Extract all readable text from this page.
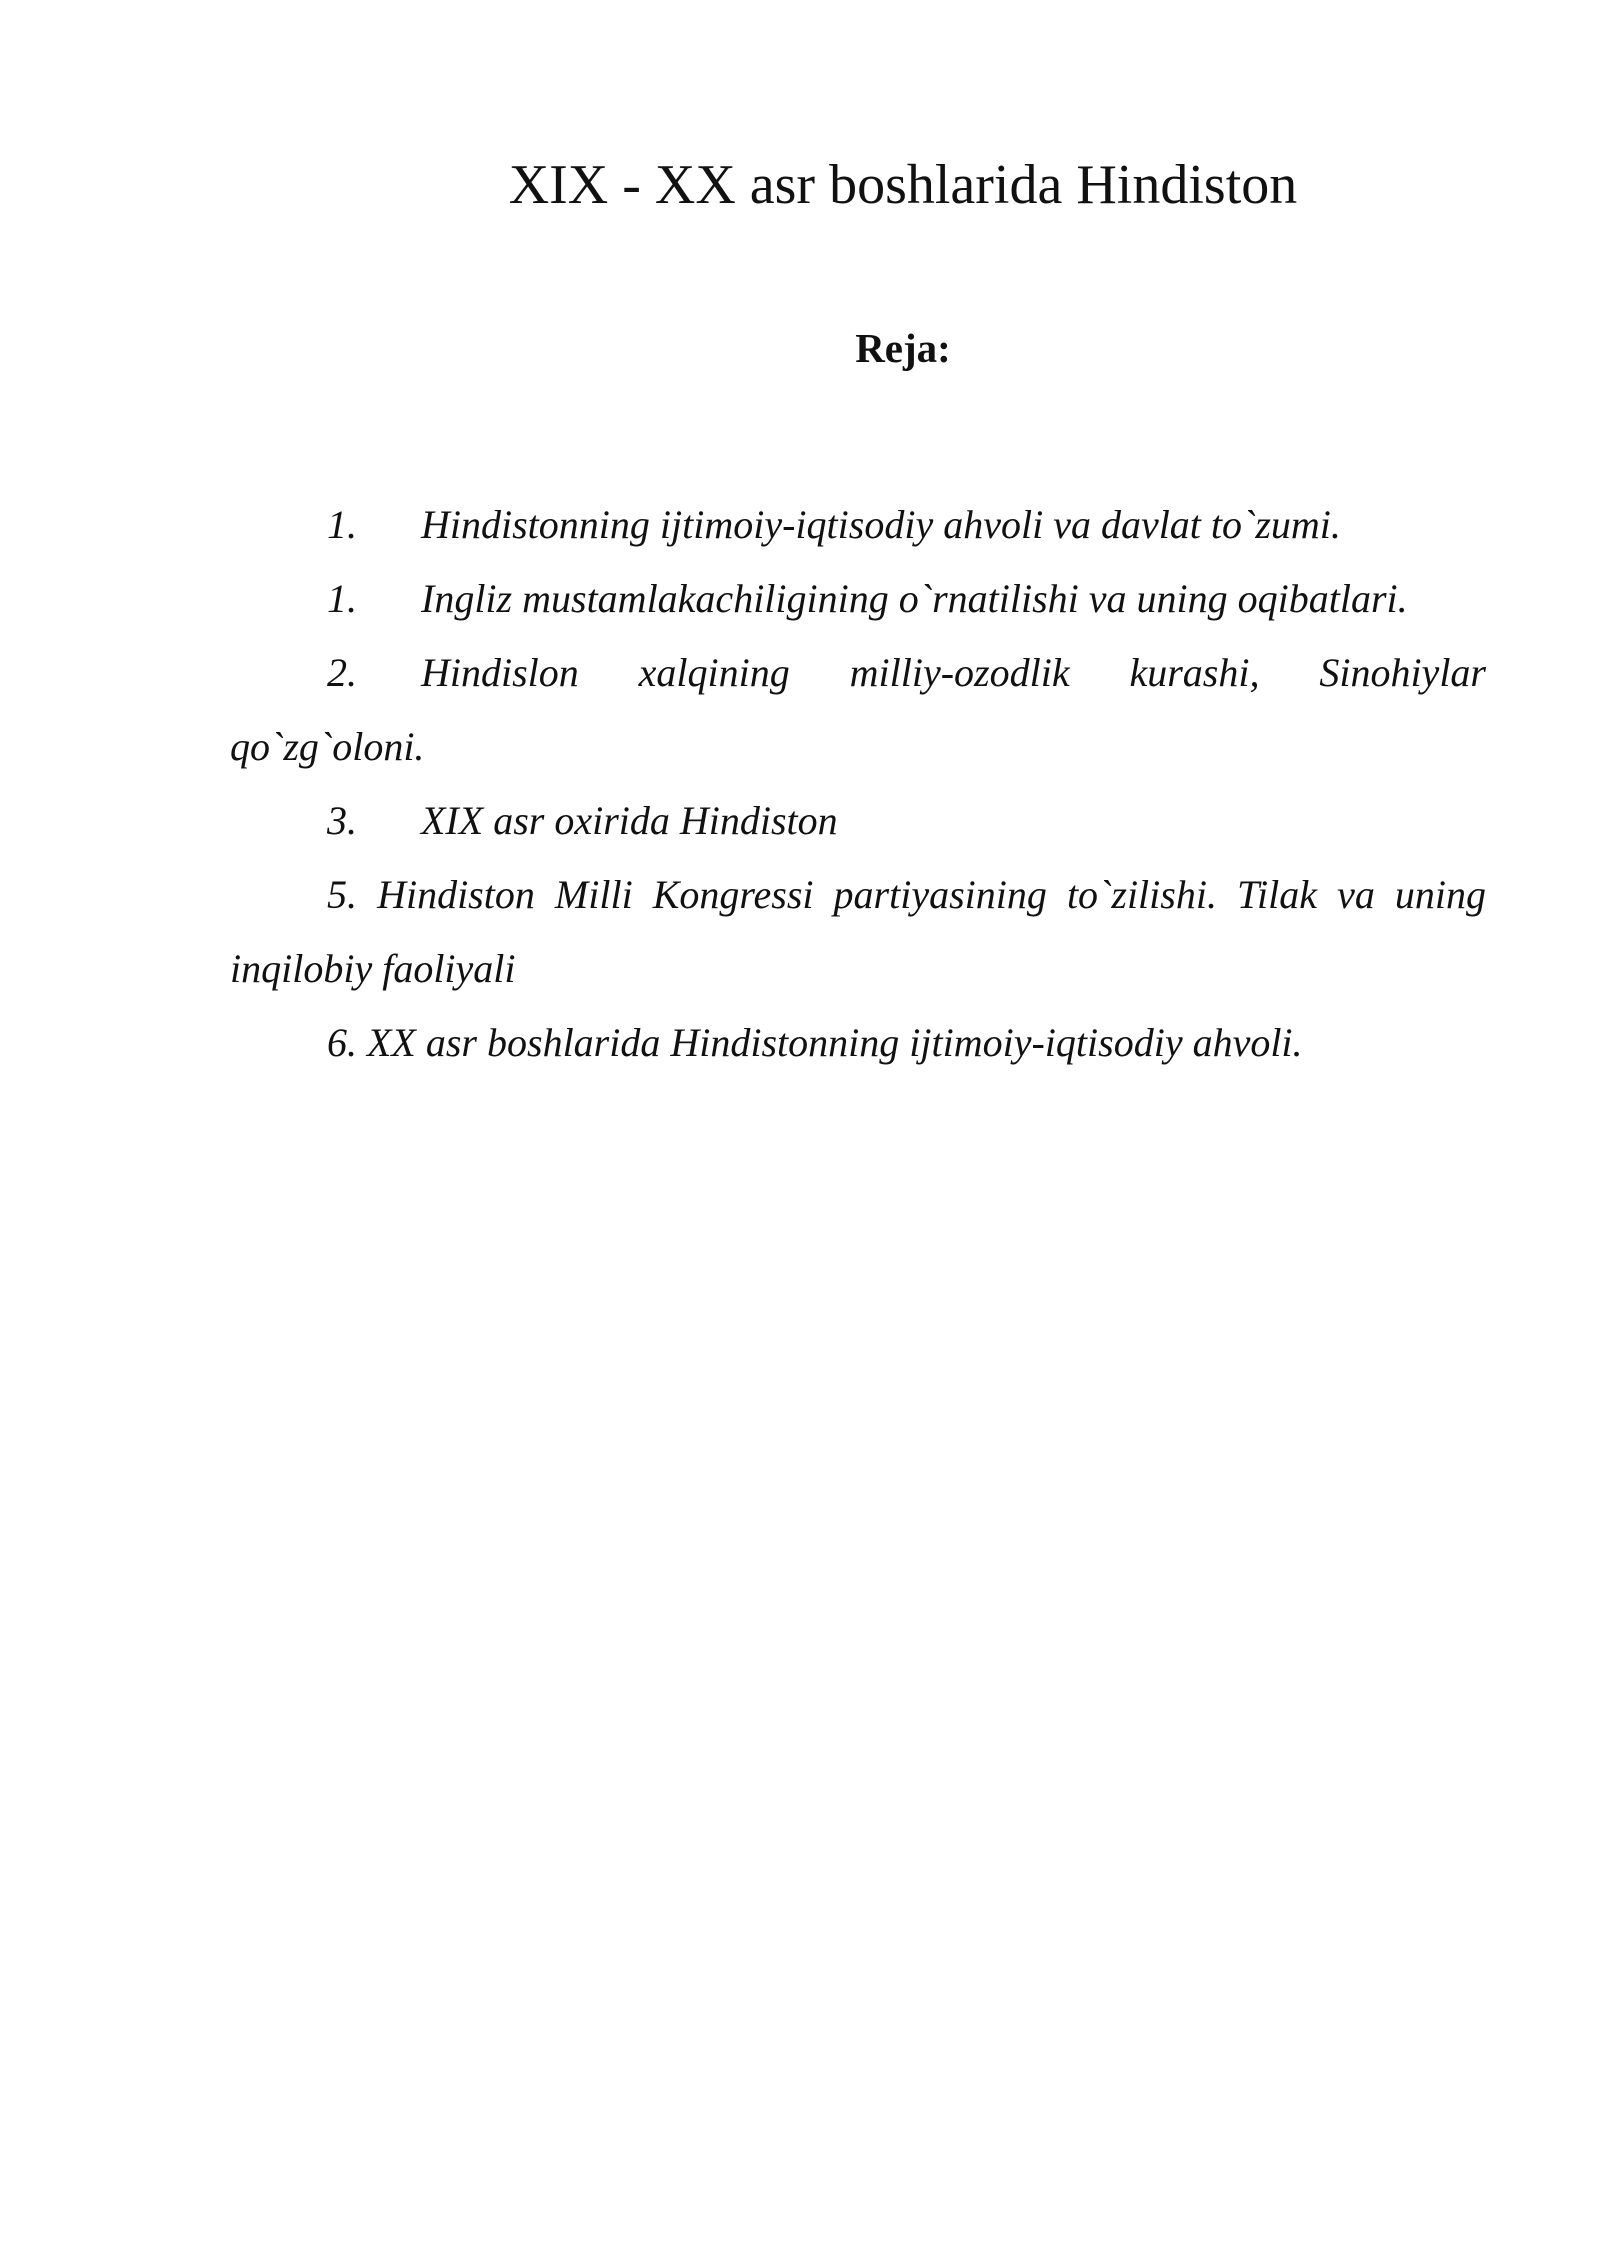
XIX - XX asr boshlarida Hindiston
Reja:
1. Hindistonning ijtimoiy-iqtisodiy ahvoli va davlat to`zumi.
1. Ingliz mustamlakachiligining o`rnatilishi va uning oqibatlari.
2. Hindislon xalqining milliy-ozodlik kurashi, Sinohiylar qo`zg`oloni.
3. XIX asr oxirida Hindiston
5. Hindiston Milli Kongressi partiyasining to`zilishi. Tilak va uning inqilobiy faoliyali
6. XX asr boshlarida Hindistonning ijtimoiy-iqtisodiy ahvoli.
